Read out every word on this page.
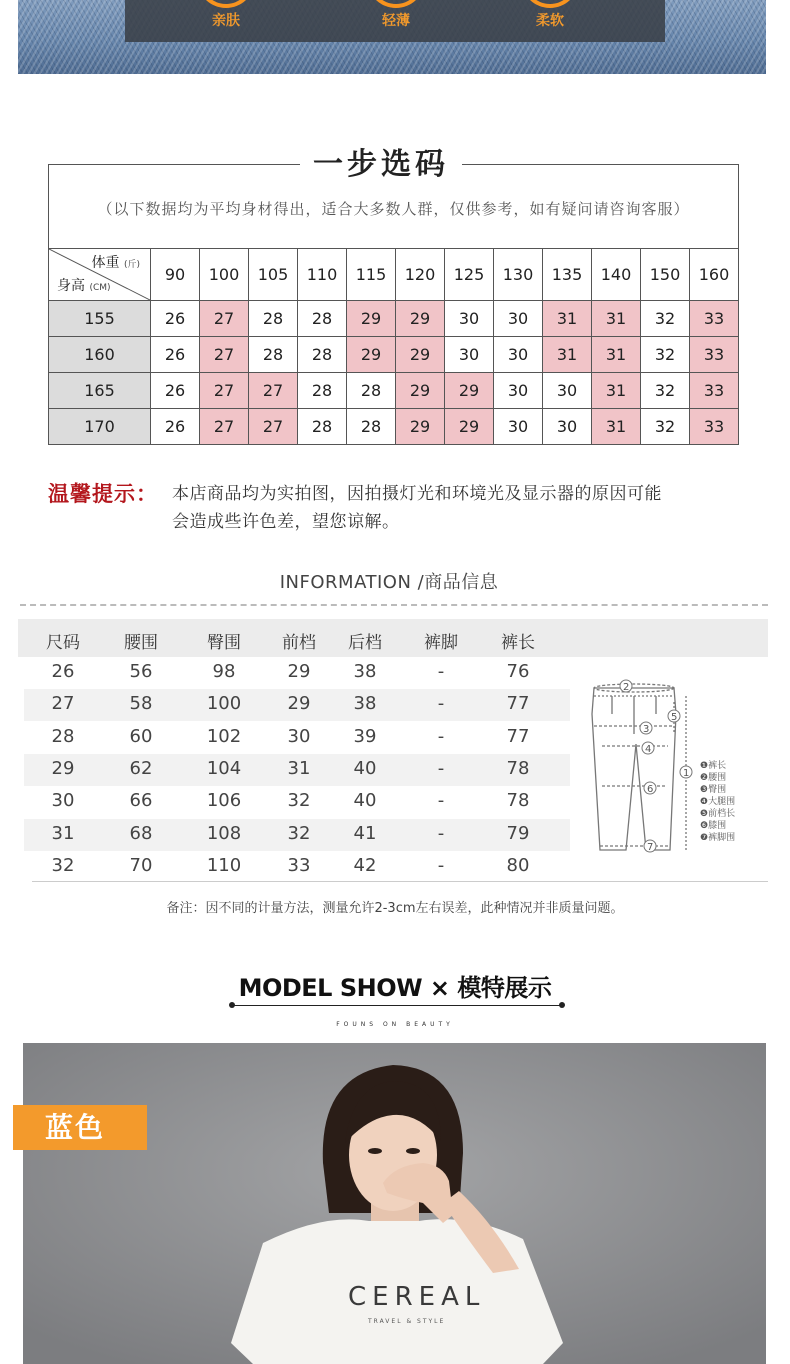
亲肤	轻薄	柔软
一步选码
（以下数据均为平均身材得出，适合大多数人群，仅供参考，如有疑问请咨询客服）
体重 (斤)
身高 (CM)	90	100	105	110	115	120	125	130	135	140	150	160
155	26	27	28	28	29	29	30	30	31	31	32	33
160	26	27	28	28	29	29	30	30	31	31	32	33
165	26	27	27	28	28	29	29	30	30	31	32	33
170	26	27	27	28	28	29	29	30	30	31	32	33
温馨提示： 本店商品均为实拍图，因拍摄灯光和环境光及显示器的原因可能
会造成些许色差，望您谅解。
INFORMATION /商品信息
尺码	腰围	臀围	前档	后档	裤脚	裤长
26	56	98	29	38	-	76
27	58	100	29	38	-	77
28	60	102	30	39	-	77
29	62	104	31	40	-	78
30	66	106	32	40	-	78
31	68	108	32	41	-	79
32	70	110	33	42	-	80
备注：因不同的计量方法，测量允许2-3cm左右误差，此种情况并非质量问题。
2
3
5
4
6
7
1
❶裤长
❷腰围
❸臀围
❹大腿围
❺前档长
❻膝围
❼裤脚围
MODEL SHOW × 模特展示
FOUNS ON BEAUTY
CEREAL
TRAVEL & STYLE
蓝色
